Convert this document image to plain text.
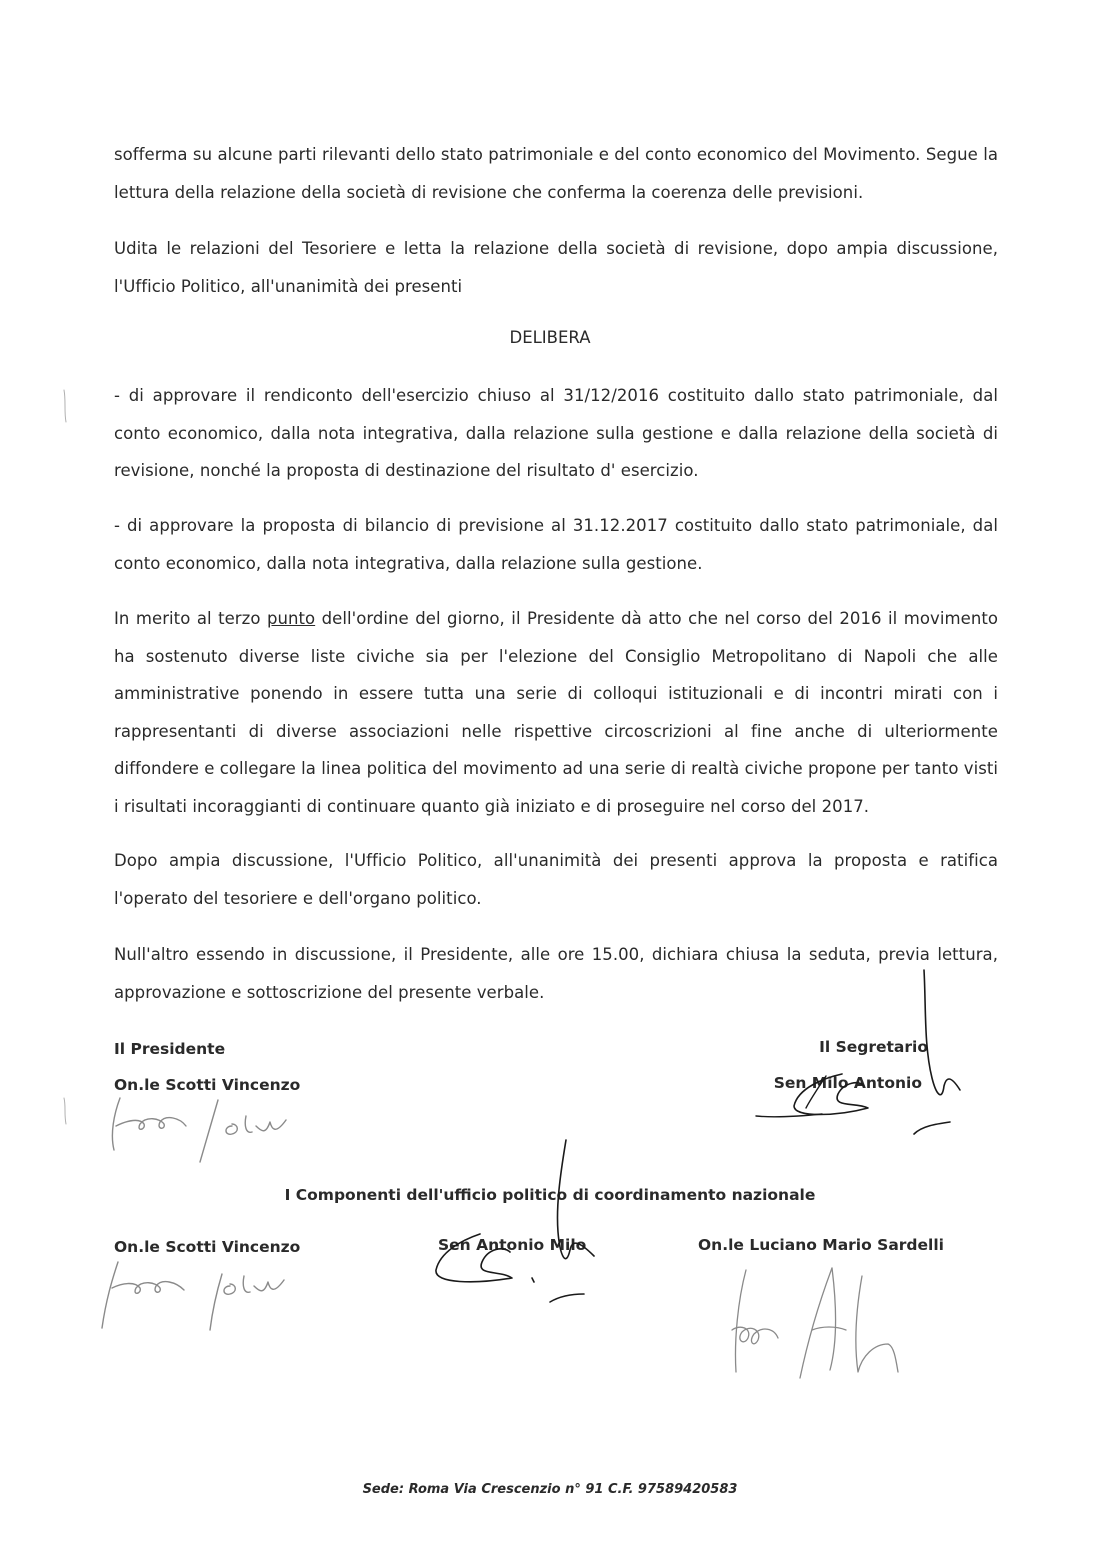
sofferma su alcune parti rilevanti dello stato patrimoniale e del conto economico del Movimento. Segue la lettura della relazione della società di revisione che conferma la coerenza delle previsioni.

Udita le relazioni del Tesoriere e letta la relazione della società di revisione, dopo ampia discussione, l'Ufficio Politico, all'unanimità dei presenti

DELIBERA

- di approvare il rendiconto dell'esercizio chiuso al 31/12/2016 costituito dallo stato patrimoniale, dal conto economico, dalla nota integrativa, dalla relazione sulla gestione e dalla relazione della società di revisione, nonché la proposta di destinazione del risultato d' esercizio.

- di approvare la proposta di bilancio di previsione al 31.12.2017 costituito dallo stato patrimoniale, dal conto economico, dalla nota integrativa, dalla relazione sulla gestione.

In merito al terzo punto dell'ordine del giorno, il Presidente dà atto che nel corso del 2016 il movimento ha sostenuto diverse liste civiche sia per l'elezione del Consiglio Metropolitano di Napoli che alle amministrative ponendo in essere tutta una serie di colloqui istituzionali e di incontri mirati con i rappresentanti di diverse associazioni nelle rispettive circoscrizioni al fine anche di ulteriormente diffondere e collegare la linea politica del movimento ad una serie di realtà civiche propone per tanto visti i risultati incoraggianti di continuare quanto già iniziato e di proseguire nel corso del 2017.

Dopo ampia discussione, l'Ufficio Politico, all'unanimità dei presenti approva la proposta e ratifica l'operato del tesoriere e dell'organo politico.

Null'altro essendo in discussione, il Presidente, alle ore 15.00, dichiara chiusa la seduta, previa lettura, approvazione e sottoscrizione del presente verbale.

Il Presidente

On.le Scotti Vincenzo

Il Segretario

Sen Milo Antonio

I Componenti dell'ufficio politico di coordinamento nazionale

On.le Scotti Vincenzo	Sen Antonio Milo	On.le Luciano Mario Sardelli

Sede: Roma Via Crescenzio n° 91 C.F. 97589420583
